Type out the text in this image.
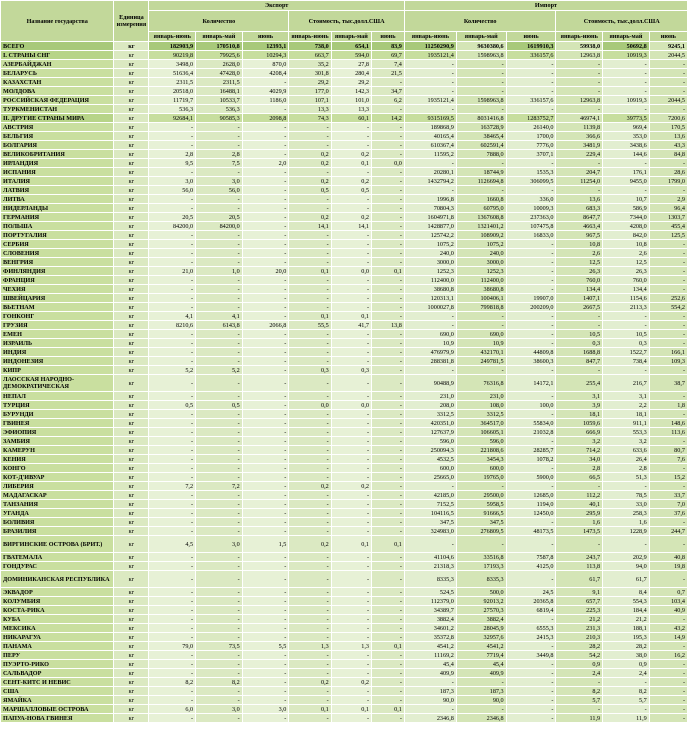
Название государства	Единица измерения	Экспорт						Импорт					
		Количество			Стоимость, тыс.долл.США			Количество			Стоимость, тыс.долл.США		
		январь-июнь	январь-май	июнь	январь-июнь	январь-май	июнь	январь-июнь	январь-май	июнь	январь-июнь	январь-май	июнь
ВСЕГО	кг	182903,9	170510,8	12393,1	738,0	654,1	83,9	11250290,9	9630380,6	1619910,3	59938,0	50692,8	9245,1
I. СТРАНЫ СНГ	кг	90219,8	79925,6	10294,3	663,7	594,0	69,7	1935121,4	1598963,8	336157,6	12963,8	10919,3	2044,5
АЗЕРБАЙДЖАН	кг	3498,0	2628,0	870,0	35,2	27,8	7,4	-	-	-	-	-	-
БЕЛАРУСЬ	кг	51636,4	47428,0	4208,4	301,8	280,4	21,5	-	-	-	-	-	-
КАЗАХСТАН	кг	2311,5	2311,5	-	29,2	29,2	-	-	-	-	-	-	-
МОЛДОВА	кг	20518,0	16488,1	4029,9	177,0	142,3	34,7	-	-	-	-	-	-
РОССИЙСКАЯ ФЕДЕРАЦИЯ	кг	11719,7	10533,7	1186,0	107,1	101,0	6,2	1935121,4	1598963,8	336157,6	12963,8	10919,3	2044,5
ТУРКМЕНИСТАН	кг	536,3	536,3	-	13,3	13,3	-	-	-	-	-	-	-
II. ДРУГИЕ СТРАНЫ МИРА	кг	92684,1	90585,3	2098,8	74,3	60,1	14,2	9315169,5	8031416,8	1283752,7	46974,1	39773,5	7200,6
АВСТРИЯ	кг	-	-	-	-	-	-	189868,9	163728,9	26140,0	1139,8	969,4	170,5
БЕЛЬГИЯ	кг	-	-	-	-	-	-	40165,4	38465,4	1700,0	366,6	353,0	13,6
БОЛГАРИЯ	кг	-	-	-	-	-	-	610367,4	602591,4	7776,0	3481,9	3438,6	43,3
ВЕЛИКОБРИТАНИЯ	кг	2,8	2,8	-	0,2	0,2	-	11595,2	7888,0	3707,1	229,4	144,6	84,8
ИРЛАНДИЯ	кг	9,5	7,5	2,0	0,2	0,1	0,0	-	-	-	-	-	-
ИСПАНИЯ	кг	-	-	-	-	-	-	20280,1	18744,9	1535,3	204,7	176,1	28,6
ИТАЛИЯ	кг	3,0	3,0	-	0,2	0,2	-	1432794,2	1126694,8	306099,5	11254,0	9455,0	1799,0
ЛАТВИЯ	кг	56,0	56,0	-	0,5	0,5	-	-	-	-	-	-	-
ЛИТВА	кг	-	-	-	-	-	-	1996,8	1660,8	336,0	13,6	10,7	2,9
НИДЕРЛАНДЫ	кг	-	-	-	-	-	-	70804,3	60795,0	10009,3	683,3	586,9	96,4
ГЕРМАНИЯ	кг	20,5	20,5	-	0,2	0,2	-	1604971,8	1367608,8	237363,0	8647,7	7344,0	1303,7
ПОЛЬША	кг	84200,0	84200,0	-	14,1	14,1	-	1428877,0	1321401,2	107475,8	4663,4	4208,0	455,4
ПОРТУГАЛИЯ	кг	-	-	-	-	-	-	125742,2	108909,2	16833,0	967,5	842,0	125,5
СЕРБИЯ	кг	-	-	-	-	-	-	1075,2	1075,2	-	10,8	10,8	-
СЛОВЕНИЯ	кг	-	-	-	-	-	-	240,0	240,0	-	2,6	2,6	-
ВЕНГРИЯ	кг	-	-	-	-	-	-	3000,0	3000,0	-	12,5	12,5	-
ФИНЛЯНДИЯ	кг	21,0	1,0	20,0	0,1	0,0	0,1	1252,3	1252,3	-	26,3	26,3	-
ФРАНЦИЯ	кг	-	-	-	-	-	-	112400,0	112400,0	-	760,0	760,0	-
ЧЕХИЯ	кг	-	-	-	-	-	-	38680,8	38680,8	-	134,4	134,4	-
ШВЕЙЦАРИЯ	кг	-	-	-	-	-	-	120313,1	100406,1	19907,0	1407,1	1154,6	252,6
ВЬЕТНАМ	кг	-	-	-	-	-	-	1000027,8	799818,8	200209,0	2667,5	2113,3	554,2
ГОНКОНГ	кг	4,1	4,1	-	0,1	0,1	-	-	-	-	-	-	-
ГРУЗИЯ	кг	8210,6	6143,8	2066,8	55,5	41,7	13,8	-	-	-	-	-	-
ЕМЕН	кг	-	-	-	-	-	-	690,0	690,0	-	10,5	10,5	-
ИЗРАИЛЬ	кг	-	-	-	-	-	-	10,9	10,9	-	0,3	0,3	-
ИНДИЯ	кг	-	-	-	-	-	-	476979,9	432170,1	44809,8	1688,8	1522,7	166,1
ИНДОНЕЗИЯ	кг	-	-	-	-	-	-	288381,8	249781,5	38600,3	847,7	738,4	109,3
КИПР	кг	5,2	5,2	-	0,3	0,3	-	-	-	-	-	-	-
ЛАОССКАЯ НАРОДНО-ДЕМОКРАТИЧЕСКАЯ	кг	-	-	-	-	-	-	90488,9	76316,8	14172,1	255,4	216,7	38,7
НЕПАЛ	кг	-	-	-	-	-	-	231,0	231,0	-	3,1	3,1	-
ТУРЦИЯ	кг	0,5	0,5	-	0,0	0,0	-	208,0	108,0	100,0	3,9	2,2	1,8
БУРУНДИ	кг	-	-	-	-	-	-	3312,5	3312,5	-	18,1	18,1	-
ГВИНЕЯ	кг	-	-	-	-	-	-	420351,0	364517,0	55834,0	1059,6	911,1	148,6
ЭФИОПИЯ	кг	-	-	-	-	-	-	127637,9	106605,1	21032,8	666,9	553,3	113,6
ЗАМБИЯ	кг	-	-	-	-	-	-	596,0	596,0	-	3,2	3,2	-
КАМЕРУН	кг	-	-	-	-	-	-	250094,3	221808,6	28285,7	714,2	633,6	80,7
КЕНИЯ	кг	-	-	-	-	-	-	4532,5	3454,3	1078,2	34,0	26,4	7,6
КОНГО	кг	-	-	-	-	-	-	600,0	600,0	-	2,8	2,8	-
КОТ-Д'ИВУАР	кг	-	-	-	-	-	-	25665,0	19765,0	5900,0	66,5	51,3	15,2
ЛИБЕРИЯ	кг	7,2	7,2	-	0,2	0,2	-	-	-	-	-	-	-
МАДАГАСКАР	кг	-	-	-	-	-	-	42185,0	29500,0	12685,0	112,2	78,5	33,7
ТАНЗАНИЯ	кг	-	-	-	-	-	-	7152,5	5958,5	1194,0	40,1	33,0	7,0
УГАНДА	кг	-	-	-	-	-	-	104116,5	91666,5	12450,0	295,9	258,3	37,6
БОЛИВИЯ	кг	-	-	-	-	-	-	347,5	347,5	-	1,6	1,6	-
БРАЗИЛИЯ	кг	-	-	-	-	-	-	324983,0	276809,5	48173,5	1473,5	1228,9	244,7
ВИРГИНСКИЕ ОСТРОВА (БРИТ.)	кг	4,5	3,0	1,5	0,2	0,1	0,1	-	-	-	-	-	-
ГВАТЕМАЛА	кг	-	-	-	-	-	-	41104,6	33516,8	7587,8	243,7	202,9	40,8
ГОНДУРАС	кг	-	-	-	-	-	-	21318,3	17193,3	4125,0	113,8	94,0	19,8
ДОМИНИКАНСКАЯ РЕСПУБЛИКА	кг	-	-	-	-	-	-	8335,3	8335,3	-	61,7	61,7	-
ЭКВАДОР	кг	-	-	-	-	-	-	524,5	500,0	24,5	9,1	8,4	0,7
КОЛУМБИЯ	кг	-	-	-	-	-	-	112379,0	92013,2	20365,8	657,7	554,3	103,4
КОСТА-РИКА	кг	-	-	-	-	-	-	34389,7	27570,3	6819,4	225,3	184,4	40,9
КУБА	кг	-	-	-	-	-	-	3882,4	3882,4	-	21,2	21,2	-
МЕКСИКА	кг	-	-	-	-	-	-	34601,2	28045,9	6555,3	231,3	188,1	43,2
НИКАРАГУА	кг	-	-	-	-	-	-	35372,8	32957,6	2415,3	210,3	195,3	14,9
ПАНАМА	кг	79,0	73,5	5,5	1,3	1,3	0,1	4541,2	4541,2	-	28,2	28,2	-
ПЕРУ	кг	-	-	-	-	-	-	11169,2	7719,4	3449,8	54,2	38,0	16,2
ПУЭРТО-РИКО	кг	-	-	-	-	-	-	45,4	45,4	-	0,9	0,9	-
САЛЬВАДОР	кг	-	-	-	-	-	-	409,9	409,9	-	2,4	2,4	-
СЕНТ-КИТС И НЕВИС	кг	8,2	8,2	-	0,2	0,2	-	-	-	-	-	-	-
США	кг	-	-	-	-	-	-	187,3	187,3	-	8,2	8,2	-
ЯМАЙКА	кг	-	-	-	-	-	-	90,0	90,0	-	5,7	5,7	-
МАРШАЛЛОВЫЕ ОСТРОВА	кг	6,0	3,0	3,0	0,1	0,1	0,1	-	-	-	-	-	-
ПАПУА-НОВА ГВИНЕЯ	кг	-	-	-	-	-	-	2346,8	2346,8	-	11,9	11,9	-
